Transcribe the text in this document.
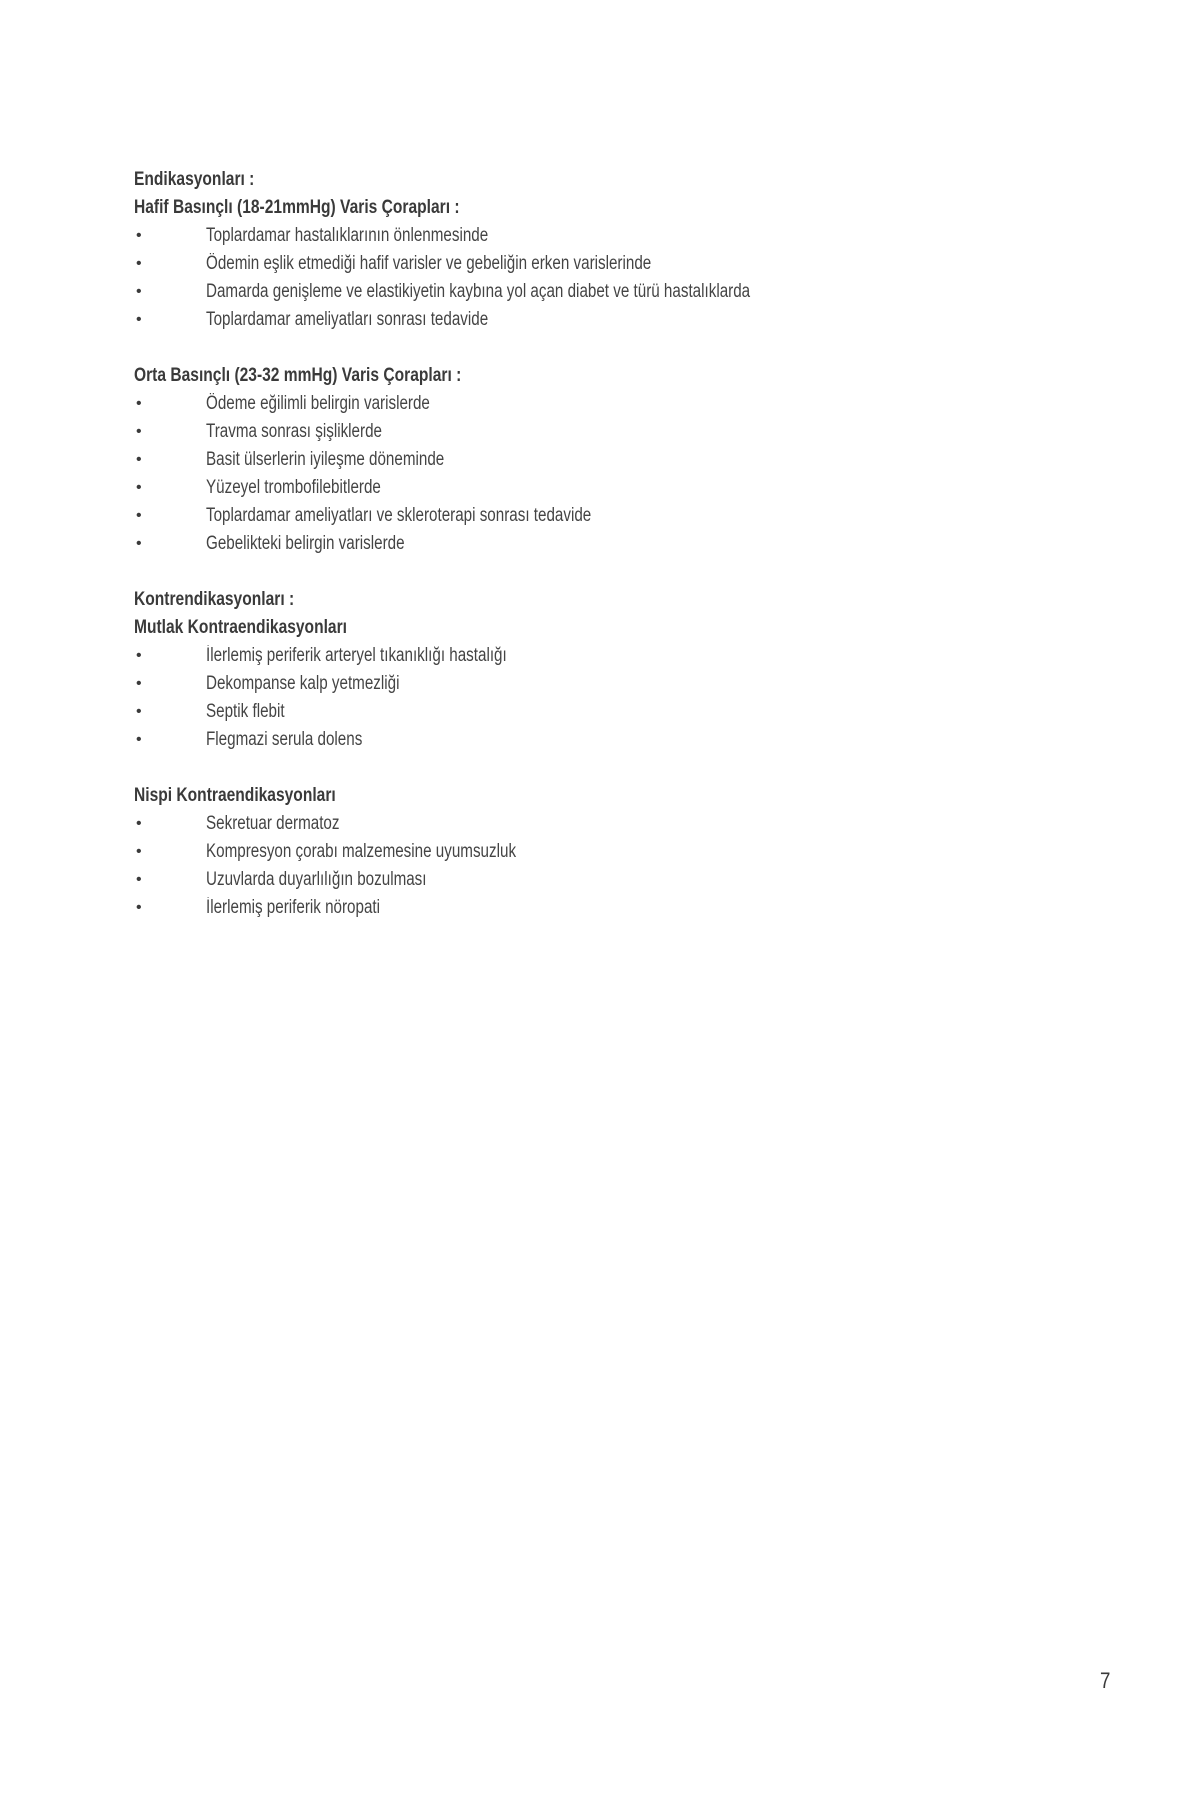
Endikasyonları :
Hafif Basınçlı (18-21mmHg) Varis Çorapları :
•	Toplardamar hastalıklarının önlenmesinde
•	Ödemin eşlik etmediği hafif varisler ve gebeliğin erken varislerinde
•	Damarda genişleme ve elastikiyetin kaybına yol açan diabet ve türü hastalıklarda
•	Toplardamar ameliyatları sonrası tedavide
Orta Basınçlı (23-32 mmHg) Varis Çorapları :
•	Ödeme eğilimli belirgin varislerde
•	Travma sonrası şişliklerde
•	Basit ülserlerin iyileşme döneminde
•	Yüzeyel trombofilebitlerde
•	Toplardamar ameliyatları ve skleroterapi sonrası tedavide
•	Gebelikteki belirgin varislerde
Kontrendikasyonları :
Mutlak Kontraendikasyonları
•	İlerlemiş periferik arteryel tıkanıklığı hastalığı
•	Dekompanse kalp yetmezliği
•	Septik flebit
•	Flegmazi serula dolens
Nispi Kontraendikasyonları
•	Sekretuar dermatoz
•	Kompresyon çorabı malzemesine uyumsuzluk
•	Uzuvlarda duyarlılığın bozulması
•	İlerlemiş periferik nöropati
7
